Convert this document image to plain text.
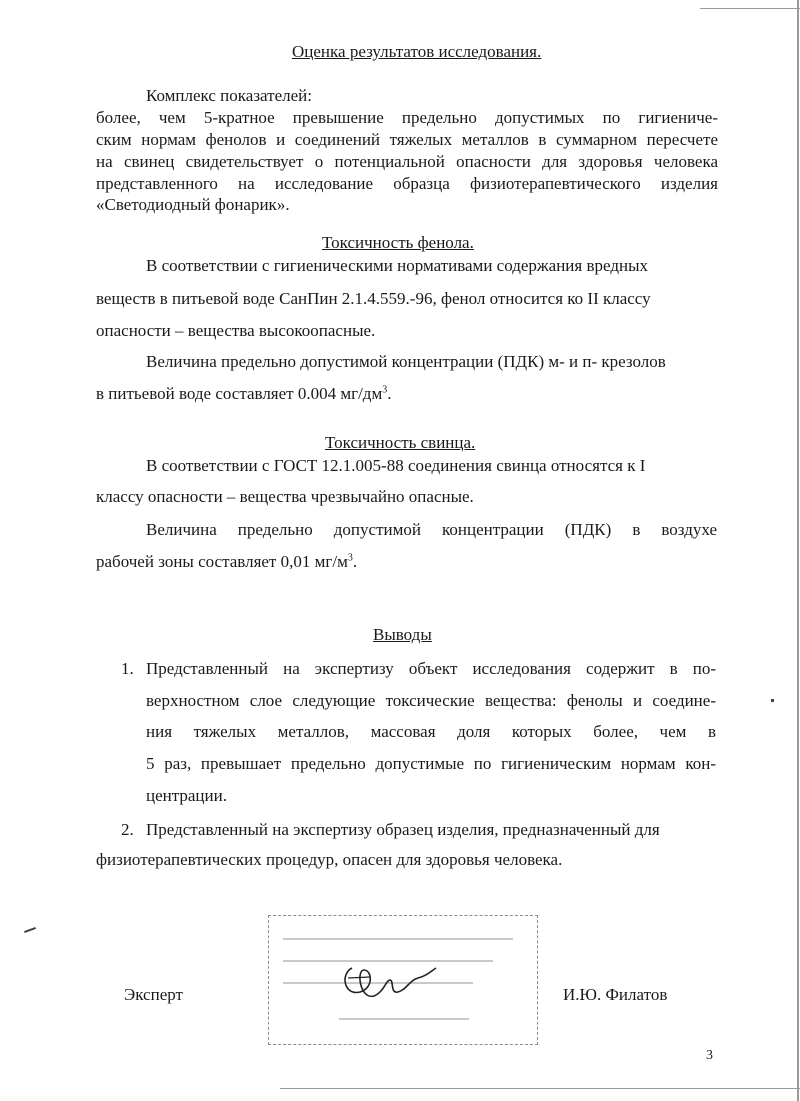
Оценка результатов исследования.
Комплекс показателей:
более, чем 5-кратное превышение предельно допустимых по гигиениче-
ским нормам фенолов и соединений тяжелых металлов в суммарном пересчете
на свинец свидетельствует о потенциальной опасности для здоровья человека
представленного на исследование образца физиотерапевтического изделия
«Светодиодный фонарик».
Токсичность фенола.
В соответствии с гигиеническими нормативами содержания вредных
веществ в питьевой воде СанПин 2.1.4.559.-96, фенол относится ко II классу
опасности – вещества высокоопасные.
Величина предельно допустимой концентрации (ПДК) м- и п- крезолов
в питьевой воде составляет 0.004 $мг/дм^3$.
Токсичность свинца.
В соответствии с ГОСТ 12.1.005-88 соединения свинца относятся к I
классу опасности – вещества чрезвычайно опасные.
Величина предельно допустимой концентрации (ПДК) в воздухе
рабочей зоны составляет 0,01 $мг/м^3$.
Выводы
1. Представленный на экспертизу объект исследования содержит в по-
верхностном слое следующие токсические вещества: фенолы и соедине-
ния тяжелых металлов, массовая доля которых более, чем в
5 раз, превышает предельно допустимые по гигиеническим нормам кон-
центрации.
2. Представленный на экспертизу образец изделия, предназначенный для
физиотерапевтических процедур, опасен для здоровья человека.
Эксперт	И.Ю. Филатов
3
